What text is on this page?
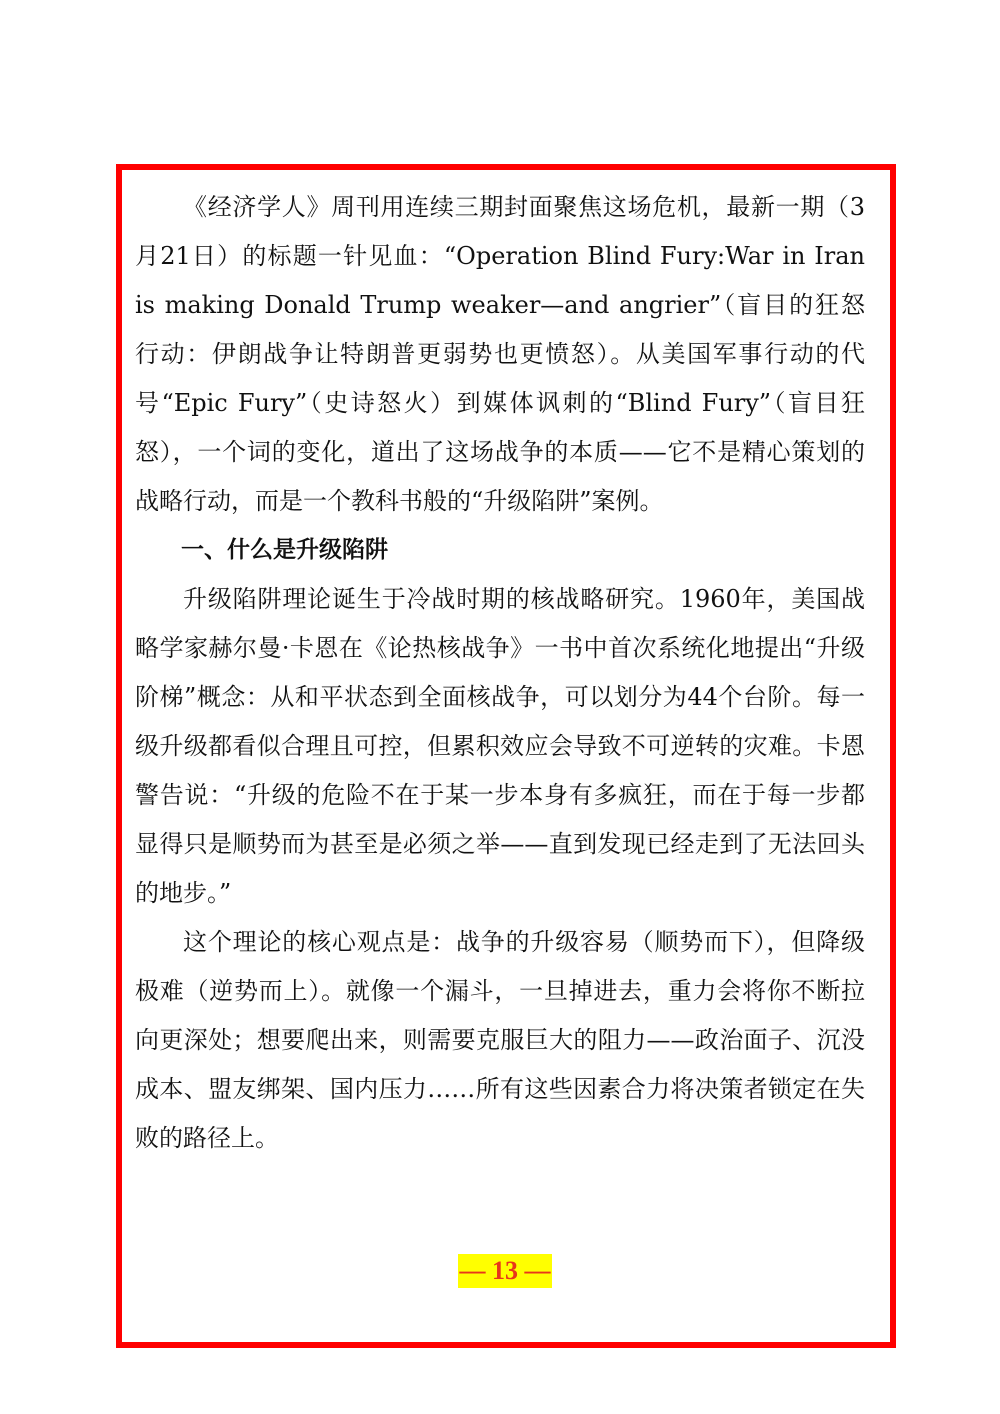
《经济学人》周刊用连续三期封面聚焦这场危机，最新一期（3月21日）的标题一针见血：“Operation Blind Fury:War in Iran is making Donald Trump weaker—and angrier”（盲目的狂怒行动：伊朗战争让特朗普更弱势也更愤怒）。从美国军事行动的代号“Epic Fury”（史诗怒火）到媒体讽刺的“Blind Fury”（盲目狂怒），一个词的变化，道出了这场战争的本质——它不是精心策划的战略行动，而是一个教科书般的“升级陷阱”案例。

一、什么是升级陷阱

升级陷阱理论诞生于冷战时期的核战略研究。1960年，美国战略学家赫尔曼·卡恩在《论热核战争》一书中首次系统化地提出“升级阶梯”概念：从和平状态到全面核战争，可以划分为44个台阶。每一级升级都看似合理且可控，但累积效应会导致不可逆转的灾难。卡恩警告说：“升级的危险不在于某一步本身有多疯狂，而在于每一步都显得只是顺势而为甚至是必须之举——直到发现已经走到了无法回头的地步。”

这个理论的核心观点是：战争的升级容易（顺势而下），但降级极难（逆势而上）。就像一个漏斗，一旦掉进去，重力会将你不断拉向更深处；想要爬出来，则需要克服巨大的阻力——政治面子、沉没成本、盟友绑架、国内压力……所有这些因素合力将决策者锁定在失败的路径上。

— 13 —
